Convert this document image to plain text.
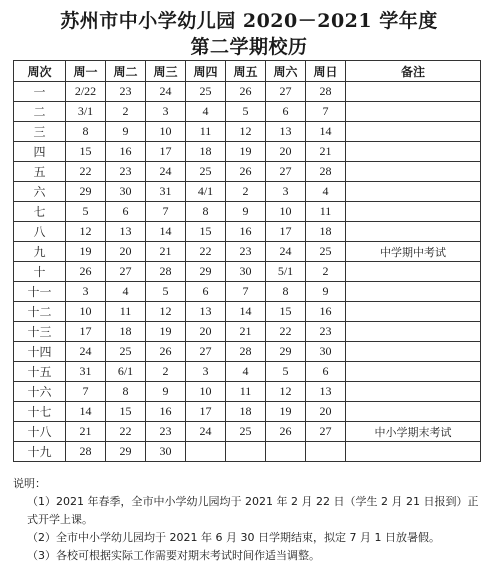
苏州市中小学幼儿园 2020－2021 学年度
第二学期校历
周次	周一	周二	周三	周四	周五	周六	周日	备注
一	2/22	23	24	25	26	27	28	
二	3/1	2	3	4	5	6	7	
三	8	9	10	11	12	13	14	
四	15	16	17	18	19	20	21	
五	22	23	24	25	26	27	28	
六	29	30	31	4/1	2	3	4	
七	5	6	7	8	9	10	11	
八	12	13	14	15	16	17	18	
九	19	20	21	22	23	24	25	中学期中考试
十	26	27	28	29	30	5/1	2	
十一	3	4	5	6	7	8	9	
十二	10	11	12	13	14	15	16	
十三	17	18	19	20	21	22	23	
十四	24	25	26	27	28	29	30	
十五	31	6/1	2	3	4	5	6	
十六	7	8	9	10	11	12	13	
十七	14	15	16	17	18	19	20	
十八	21	22	23	24	25	26	27	中小学期末考试
十九	28	29	30					

说明：

（1）2021 年春季，全市中小学幼儿园均于 2021 年 2 月 22 日（学生 2 月 21 日报到）正式开学上课。

（2）全市中小学幼儿园均于 2021 年 6 月 30 日学期结束，拟定 7 月 1 日放暑假。

（3）各校可根据实际工作需要对期末考试时间作适当调整。
